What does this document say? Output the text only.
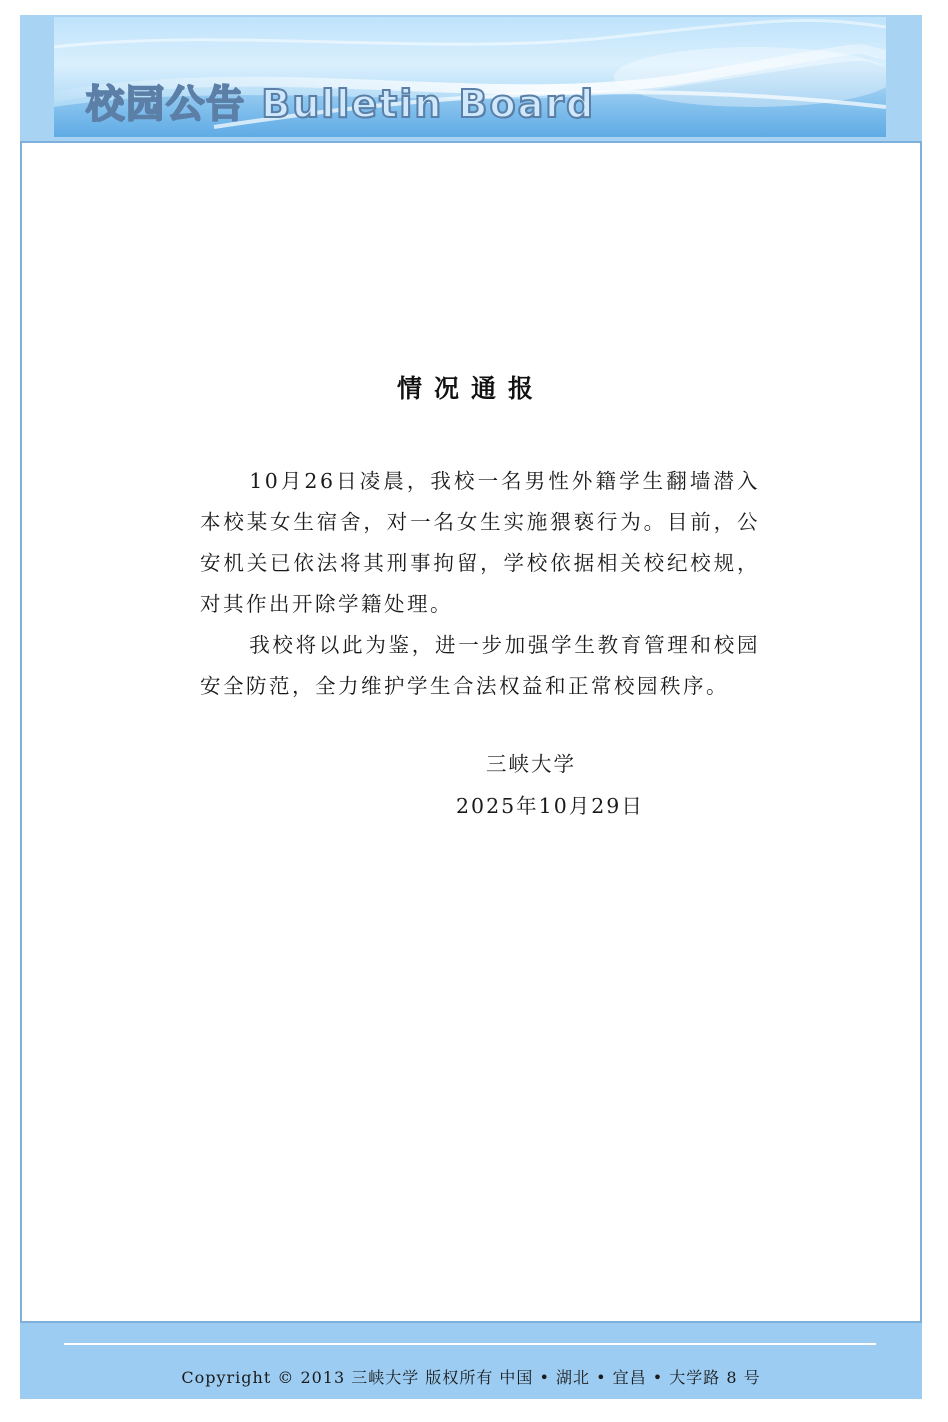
校园公告 Bulletin Board
情况通报
10月26日凌晨，我校一名男性外籍学生翻墙潜入本校某女生宿舍，对一名女生实施猥亵行为。目前，公安机关已依法将其刑事拘留，学校依据相关校纪校规，对其作出开除学籍处理。
我校将以此为鉴，进一步加强学生教育管理和校园安全防范，全力维护学生合法权益和正常校园秩序。
三峡大学
2025年10月29日
Copyright © 2013 三峡大学 版权所有 中国 • 湖北 • 宜昌 • 大学路 8 号
